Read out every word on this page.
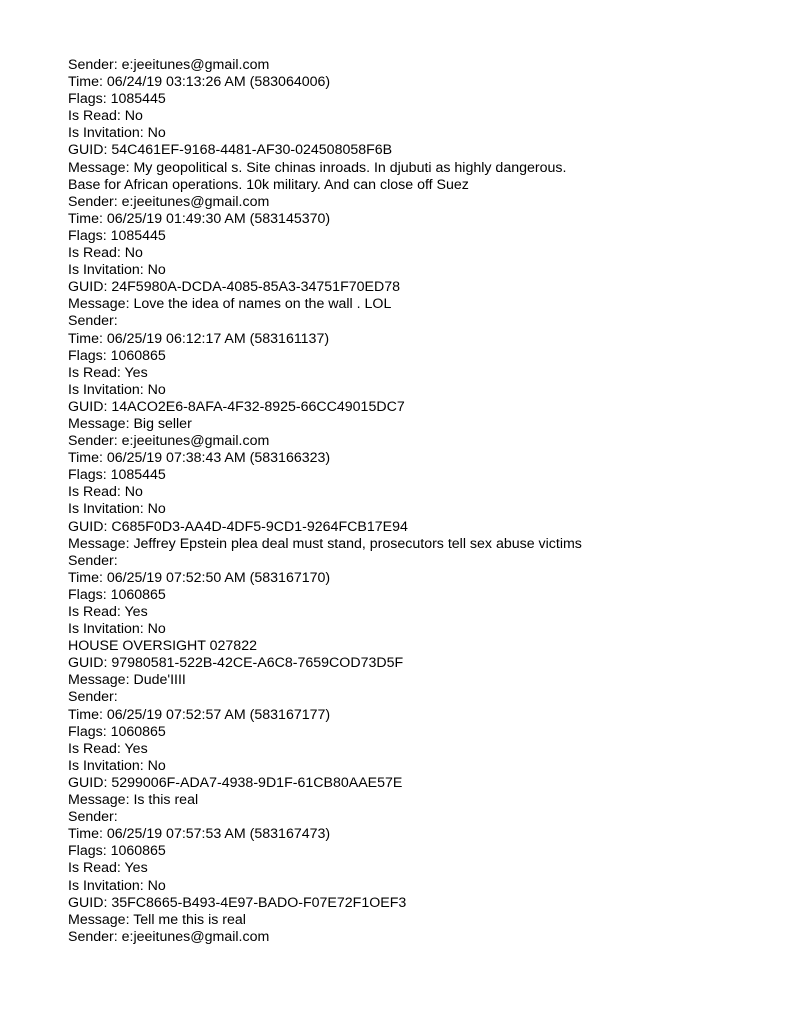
Sender: e:jeeitunes@gmail.com
Time: 06/24/19 03:13:26 AM (583064006)
Flags: 1085445
Is Read: No
Is Invitation: No
GUID: 54C461EF-9168-4481-AF30-024508058F6B
Message: My geopolitical s. Site chinas inroads. In djubuti as highly dangerous.
Base for African operations. 10k military. And can close off Suez
Sender: e:jeeitunes@gmail.com
Time: 06/25/19 01:49:30 AM (583145370)
Flags: 1085445
Is Read: No
Is Invitation: No
GUID: 24F5980A-DCDA-4085-85A3-34751F70ED78
Message: Love the idea of names on the wall . LOL
Sender:
Time: 06/25/19 06:12:17 AM (583161137)
Flags: 1060865
Is Read: Yes
Is Invitation: No
GUID: 14ACO2E6-8AFA-4F32-8925-66CC49015DC7
Message: Big seller
Sender: e:jeeitunes@gmail.com
Time: 06/25/19 07:38:43 AM (583166323)
Flags: 1085445
Is Read: No
Is Invitation: No
GUID: C685F0D3-AA4D-4DF5-9CD1-9264FCB17E94
Message: Jeffrey Epstein plea deal must stand, prosecutors tell sex abuse victims
Sender:
Time: 06/25/19 07:52:50 AM (583167170)
Flags: 1060865
Is Read: Yes
Is Invitation: No
HOUSE OVERSIGHT 027822
GUID: 97980581-522B-42CE-A6C8-7659COD73D5F
Message: Dude'IIII
Sender:
Time: 06/25/19 07:52:57 AM (583167177)
Flags: 1060865
Is Read: Yes
Is Invitation: No
GUID: 5299006F-ADA7-4938-9D1F-61CB80AAE57E
Message: Is this real
Sender:
Time: 06/25/19 07:57:53 AM (583167473)
Flags: 1060865
Is Read: Yes
Is Invitation: No
GUID: 35FC8665-B493-4E97-BADO-F07E72F1OEF3
Message: Tell me this is real
Sender: e:jeeitunes@gmail.com
